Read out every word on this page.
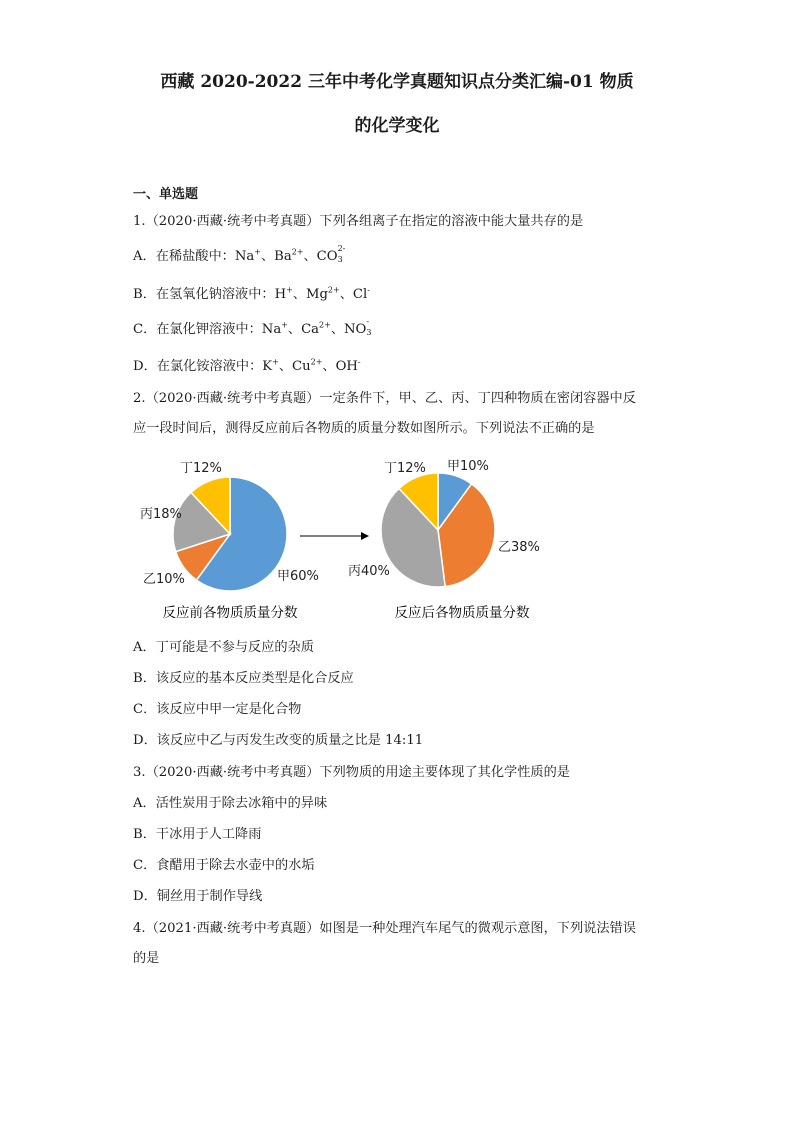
西藏 2020-2022 三年中考化学真题知识点分类汇编-01 物质
的化学变化
一、单选题
1.（2020·西藏·统考中考真题）下列各组离子在指定的溶液中能大量共存的是
A．在稀盐酸中：Na+、$Ba^{2+}$、CO
2-
3
B．在氢氧化钠溶液中：H+、$Mg^{2+}$、Cl-
C．在氯化钾溶液中：Na+、$Ca^{2+}$、NO
-
3
D．在氯化铵溶液中：K+、$Cu^{2+}$、OH-
2.（2020·西藏·统考中考真题）一定条件下，甲、乙、丙、丁四种物质在密闭容器中反
应一段时间后，测得反应前后各物质的质量分数如图所示。下列说法不正确的是
甲60%
乙10%
丙18%
丁12%	甲10%
乙38%
丙40%
丁12%
反应前各物质质量分数	反应后各物质质量分数
A．丁可能是不参与反应的杂质
B．该反应的基本反应类型是化合反应
C．该反应中甲一定是化合物
D．该反应中乙与丙发生改变的质量之比是 14:11
3.（2020·西藏·统考中考真题）下列物质的用途主要体现了其化学性质的是
A．活性炭用于除去冰箱中的异味
B．干冰用于人工降雨
C．食醋用于除去水壶中的水垢
D．铜丝用于制作导线
4.（2021·西藏·统考中考真题）如图是一种处理汽车尾气的微观示意图，下列说法错误
的是
